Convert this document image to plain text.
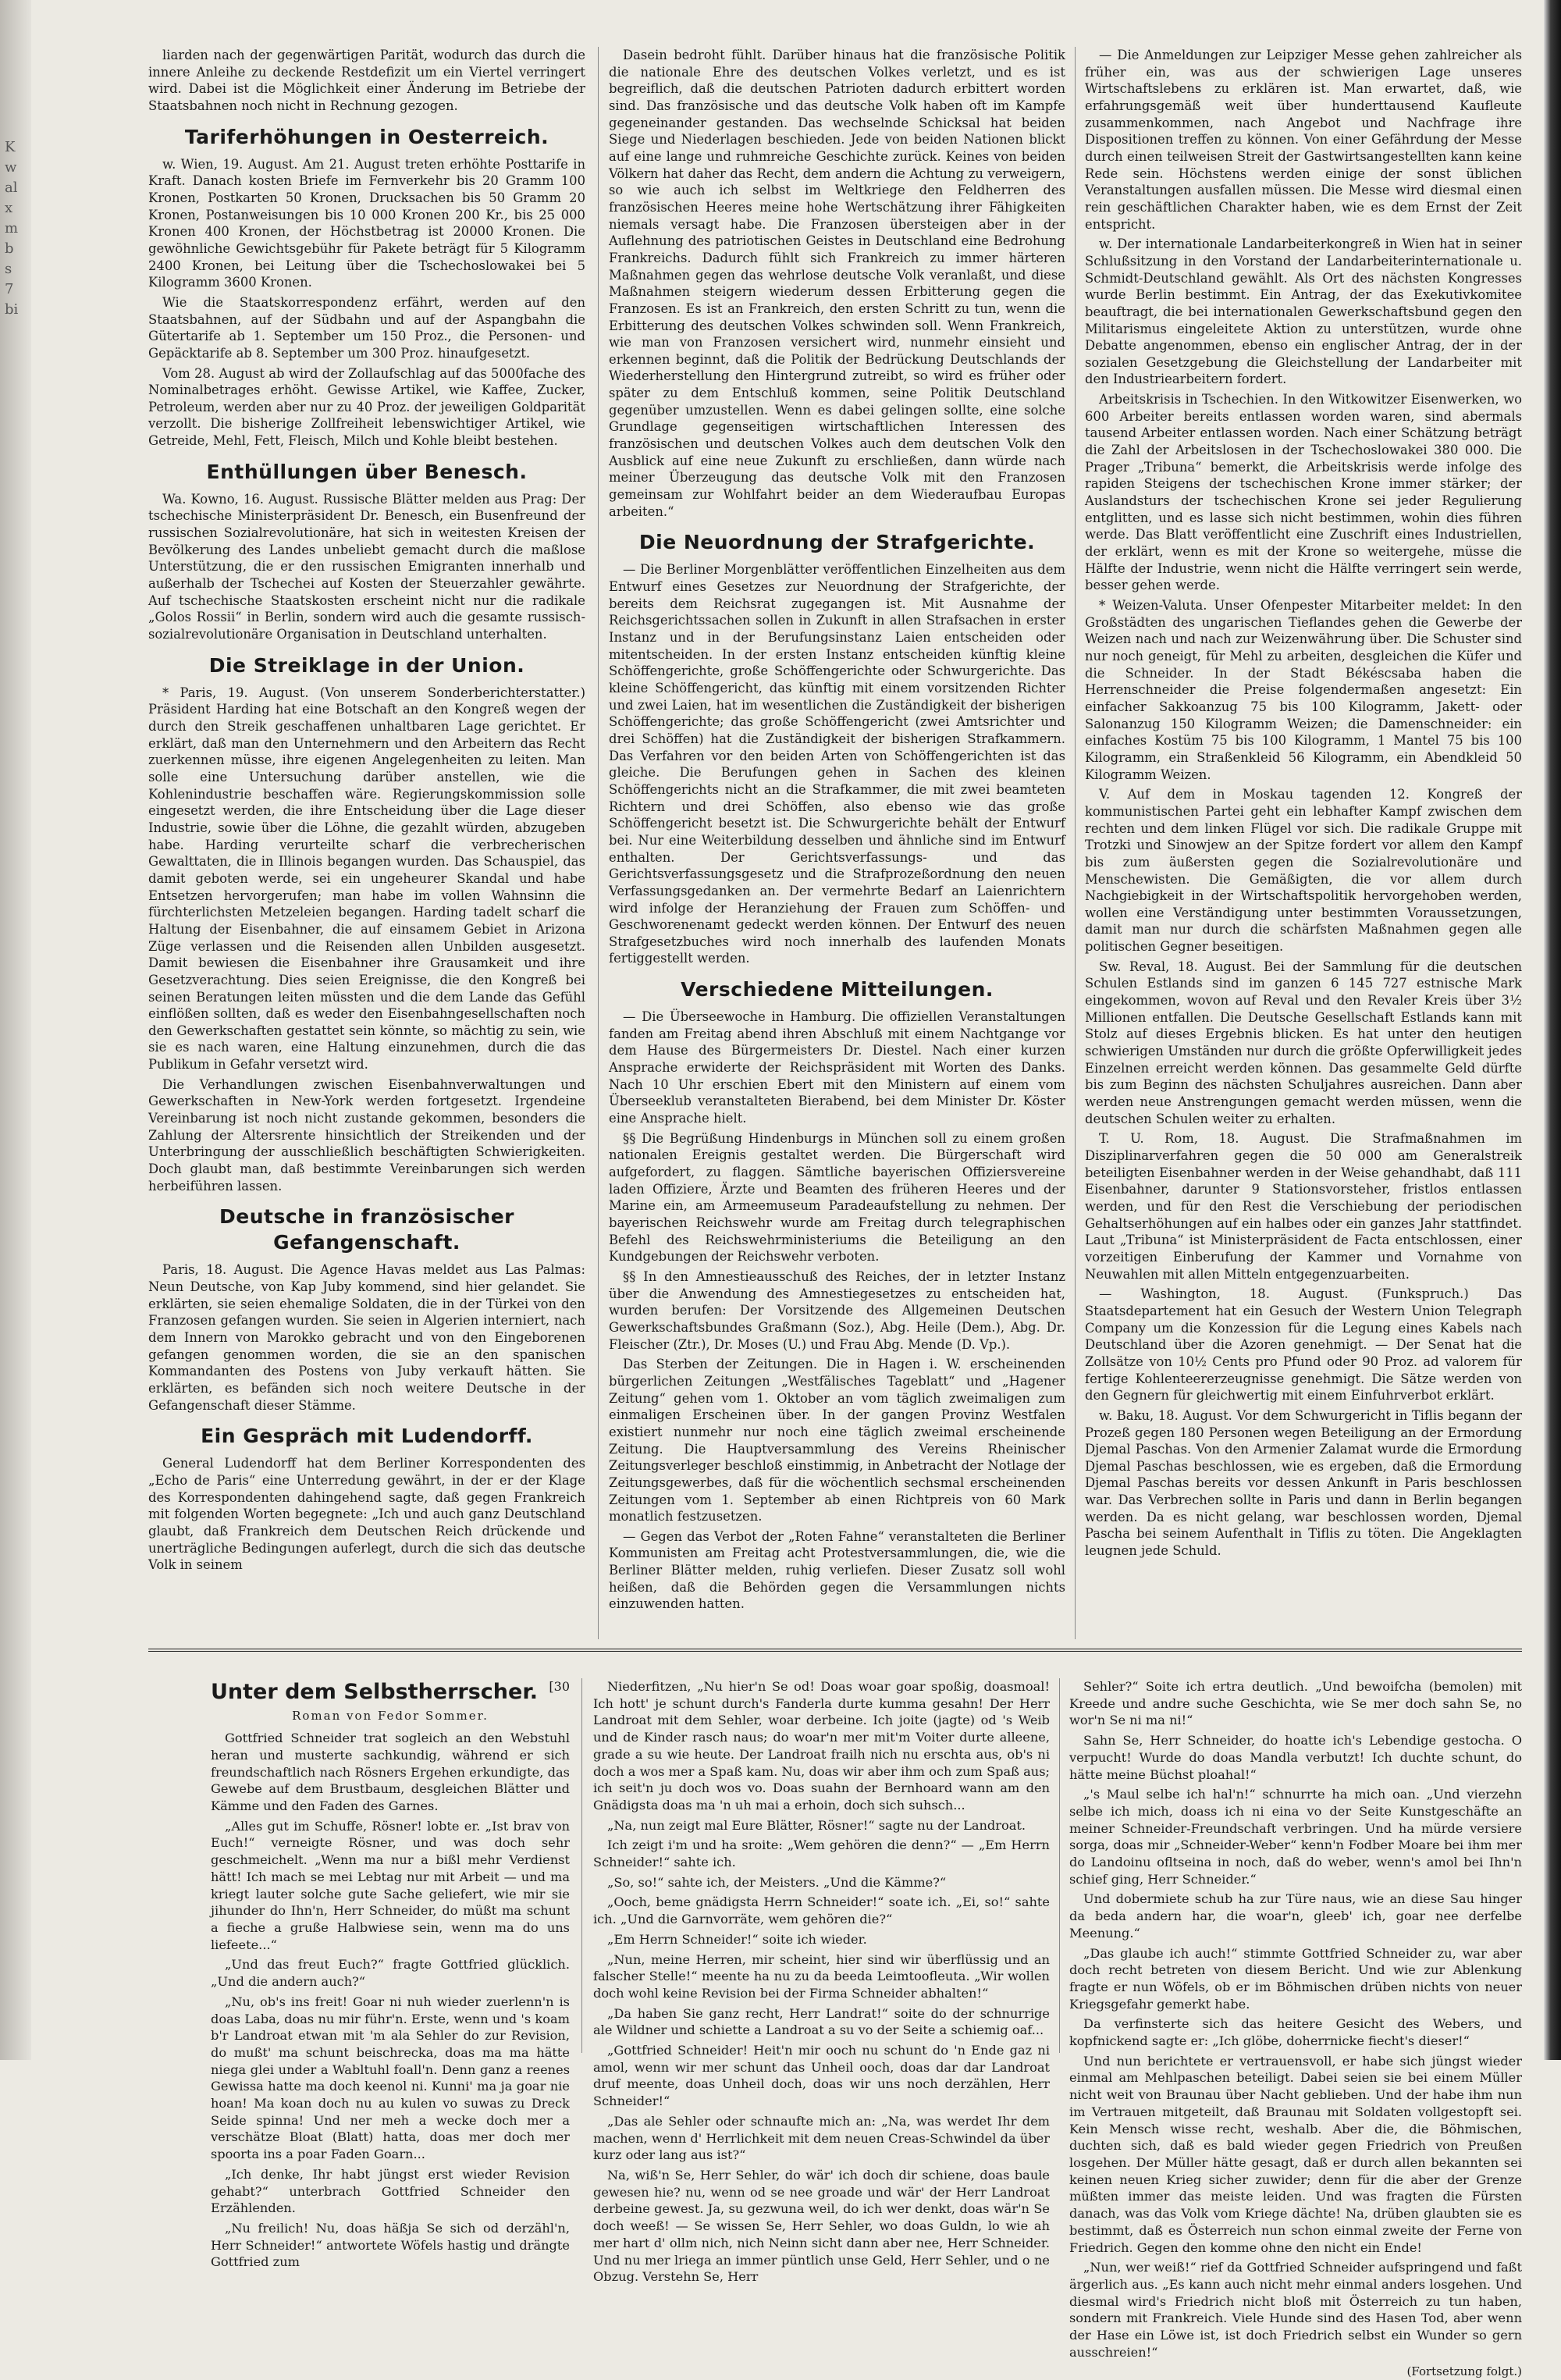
K
w
al
x
m
b
s
7
bi

liarden nach der gegenwärtigen Parität, wodurch das durch die innere Anleihe zu deckende Restdefizit um ein Viertel verringert wird. Dabei ist die Möglichkeit einer Änderung im Betriebe der Staatsbahnen noch nicht in Rechnung gezogen.

Tariferhöhungen in Oesterreich.

w. Wien, 19. August. Am 21. August treten erhöhte Posttarife in Kraft. Danach kosten Briefe im Fernverkehr bis 20 Gramm 100 Kronen, Postkarten 50 Kronen, Drucksachen bis 50 Gramm 20 Kronen, Postanweisungen bis 10 000 Kronen 200 Kr., bis 25 000 Kronen 400 Kronen, der Höchstbetrag ist 20000 Kronen. Die gewöhnliche Gewichtsgebühr für Pakete beträgt für 5 Kilogramm 2400 Kronen, bei Leitung über die Tschechoslowakei bei 5 Kilogramm 3600 Kronen.

Wie die Staatskorrespondenz erfährt, werden auf den Staatsbahnen, auf der Südbahn und auf der Aspangbahn die Gütertarife ab 1. September um 150 Proz., die Personen- und Gepäcktarife ab 8. September um 300 Proz. hinaufgesetzt.

Vom 28. August ab wird der Zollaufschlag auf das 5000fache des Nominalbetrages erhöht. Gewisse Artikel, wie Kaffee, Zucker, Petroleum, werden aber nur zu 40 Proz. der jeweiligen Goldparität verzollt. Die bisherige Zollfreiheit lebenswichtiger Artikel, wie Getreide, Mehl, Fett, Fleisch, Milch und Kohle bleibt bestehen.

Enthüllungen über Benesch.

Wa. Kowno, 16. August. Russische Blätter melden aus Prag: Der tschechische Ministerpräsident Dr. Benesch, ein Busenfreund der russischen Sozialrevolutionäre, hat sich in weitesten Kreisen der Bevölkerung des Landes unbeliebt gemacht durch die maßlose Unterstützung, die er den russischen Emigranten innerhalb und außerhalb der Tschechei auf Kosten der Steuerzahler gewährte. Auf tschechische Staatskosten erscheint nicht nur die radikale „Golos Rossii“ in Berlin, sondern wird auch die gesamte russisch-sozialrevolutionäre Organisation in Deutschland unterhalten.

Die Streiklage in der Union.

* Paris, 19. August. (Von unserem Sonderberichterstatter.) Präsident Harding hat eine Botschaft an den Kongreß wegen der durch den Streik geschaffenen unhaltbaren Lage gerichtet. Er erklärt, daß man den Unternehmern und den Arbeitern das Recht zuerkennen müsse, ihre eigenen Angelegenheiten zu leiten. Man solle eine Untersuchung darüber anstellen, wie die Kohlenindustrie beschaffen wäre. Regierungskommission solle eingesetzt werden, die ihre Entscheidung über die Lage dieser Industrie, sowie über die Löhne, die gezahlt würden, abzugeben habe. Harding verurteilte scharf die verbrecherischen Gewalttaten, die in Illinois begangen wurden. Das Schauspiel, das damit geboten werde, sei ein ungeheurer Skandal und habe Entsetzen hervorgerufen; man habe im vollen Wahnsinn die fürchterlichsten Metzeleien begangen. Harding tadelt scharf die Haltung der Eisenbahner, die auf einsamem Gebiet in Arizona Züge verlassen und die Reisenden allen Unbilden ausgesetzt. Damit bewiesen die Eisenbahner ihre Grausamkeit und ihre Gesetzverachtung. Dies seien Ereignisse, die den Kongreß bei seinen Beratungen leiten müssten und die dem Lande das Gefühl einflößen sollten, daß es weder den Eisenbahngesellschaften noch den Gewerkschaften gestattet sein könnte, so mächtig zu sein, wie sie es nach waren, eine Haltung einzunehmen, durch die das Publikum in Gefahr versetzt wird.

Die Verhandlungen zwischen Eisenbahnverwaltungen und Gewerkschaften in New-York werden fortgesetzt. Irgendeine Vereinbarung ist noch nicht zustande gekommen, besonders die Zahlung der Altersrente hinsichtlich der Streikenden und der Unterbringung der ausschließlich beschäftigten Schwierigkeiten. Doch glaubt man, daß bestimmte Vereinbarungen sich werden herbeiführen lassen.

Deutsche in französischer Gefangenschaft.

Paris, 18. August. Die Agence Havas meldet aus Las Palmas: Neun Deutsche, von Kap Juby kommend, sind hier gelandet. Sie erklärten, sie seien ehemalige Soldaten, die in der Türkei von den Franzosen gefangen wurden. Sie seien in Algerien interniert, nach dem Innern von Marokko gebracht und von den Eingeborenen gefangen genommen worden, die sie an den spanischen Kommandanten des Postens von Juby verkauft hätten. Sie erklärten, es befänden sich noch weitere Deutsche in der Gefangenschaft dieser Stämme.

Ein Gespräch mit Ludendorff.

General Ludendorff hat dem Berliner Korrespondenten des „Echo de Paris“ eine Unterredung gewährt, in der er der Klage des Korrespondenten dahingehend sagte, daß gegen Frankreich mit folgenden Worten begegnete: „Ich und auch ganz Deutschland glaubt, daß Frankreich dem Deutschen Reich drückende und unerträgliche Bedingungen auferlegt, durch die sich das deutsche Volk in seinem

Dasein bedroht fühlt. Darüber hinaus hat die französische Politik die nationale Ehre des deutschen Volkes verletzt, und es ist begreiflich, daß die deutschen Patrioten dadurch erbittert worden sind. Das französische und das deutsche Volk haben oft im Kampfe gegeneinander gestanden. Das wechselnde Schicksal hat beiden Siege und Niederlagen beschieden. Jede von beiden Nationen blickt auf eine lange und ruhmreiche Geschichte zurück. Keines von beiden Völkern hat daher das Recht, dem andern die Achtung zu verweigern, so wie auch ich selbst im Weltkriege den Feldherren des französischen Heeres meine hohe Wertschätzung ihrer Fähigkeiten niemals versagt habe. Die Franzosen übersteigen aber in der Auflehnung des patriotischen Geistes in Deutschland eine Bedrohung Frankreichs. Dadurch fühlt sich Frankreich zu immer härteren Maßnahmen gegen das wehrlose deutsche Volk veranlaßt, und diese Maßnahmen steigern wiederum dessen Erbitterung gegen die Franzosen. Es ist an Frankreich, den ersten Schritt zu tun, wenn die Erbitterung des deutschen Volkes schwinden soll. Wenn Frankreich, wie man von Franzosen versichert wird, nunmehr einsieht und erkennen beginnt, daß die Politik der Bedrückung Deutschlands der Wiederherstellung den Hintergrund zutreibt, so wird es früher oder später zu dem Entschluß kommen, seine Politik Deutschland gegenüber umzustellen. Wenn es dabei gelingen sollte, eine solche Grundlage gegenseitigen wirtschaftlichen Interessen des französischen und deutschen Volkes auch dem deutschen Volk den Ausblick auf eine neue Zukunft zu erschließen, dann würde nach meiner Überzeugung das deutsche Volk mit den Franzosen gemeinsam zur Wohlfahrt beider an dem Wiederaufbau Europas arbeiten.“

Die Neuordnung der Strafgerichte.

— Die Berliner Morgenblätter veröffentlichen Einzelheiten aus dem Entwurf eines Gesetzes zur Neuordnung der Strafgerichte, der bereits dem Reichsrat zugegangen ist. Mit Ausnahme der Reichsgerichtssachen sollen in Zukunft in allen Strafsachen in erster Instanz und in der Berufungsinstanz Laien entscheiden oder mitentscheiden. In der ersten Instanz entscheiden künftig kleine Schöffengerichte, große Schöffengerichte oder Schwurgerichte. Das kleine Schöffengericht, das künftig mit einem vorsitzenden Richter und zwei Laien, hat im wesentlichen die Zuständigkeit der bisherigen Schöffengerichte; das große Schöffengericht (zwei Amtsrichter und drei Schöffen) hat die Zuständigkeit der bisherigen Strafkammern. Das Verfahren vor den beiden Arten von Schöffengerichten ist das gleiche. Die Berufungen gehen in Sachen des kleinen Schöffengerichts nicht an die Strafkammer, die mit zwei beamteten Richtern und drei Schöffen, also ebenso wie das große Schöffengericht besetzt ist. Die Schwurgerichte behält der Entwurf bei. Nur eine Weiterbildung desselben und ähnliche sind im Entwurf enthalten. Der Gerichtsverfassungs- und das Gerichtsverfassungsgesetz und die Strafprozeßordnung den neuen Verfassungsgedanken an. Der vermehrte Bedarf an Laienrichtern wird infolge der Heranziehung der Frauen zum Schöffen- und Geschworenenamt gedeckt werden können. Der Entwurf des neuen Strafgesetzbuches wird noch innerhalb des laufenden Monats fertiggestellt werden.

Verschiedene Mitteilungen.

— Die Überseewoche in Hamburg. Die offiziellen Veranstaltungen fanden am Freitag abend ihren Abschluß mit einem Nachtgange vor dem Hause des Bürgermeisters Dr. Diestel. Nach einer kurzen Ansprache erwiderte der Reichspräsident mit Worten des Danks. Nach 10 Uhr erschien Ebert mit den Ministern auf einem vom Überseeklub veranstalteten Bierabend, bei dem Minister Dr. Köster eine Ansprache hielt.

§§ Die Begrüßung Hindenburgs in München soll zu einem großen nationalen Ereignis gestaltet werden. Die Bürgerschaft wird aufgefordert, zu flaggen. Sämtliche bayerischen Offiziersvereine laden Offiziere, Ärzte und Beamten des früheren Heeres und der Marine ein, am Armeemuseum Paradeaufstellung zu nehmen. Der bayerischen Reichswehr wurde am Freitag durch telegraphischen Befehl des Reichswehrministeriums die Beteiligung an den Kundgebungen der Reichswehr verboten.

§§ In den Amnestieausschuß des Reiches, der in letzter Instanz über die Anwendung des Amnestiegesetzes zu entscheiden hat, wurden berufen: Der Vorsitzende des Allgemeinen Deutschen Gewerkschaftsbundes Graßmann (Soz.), Abg. Heile (Dem.), Abg. Dr. Fleischer (Ztr.), Dr. Moses (U.) und Frau Abg. Mende (D. Vp.).

Das Sterben der Zeitungen. Die in Hagen i. W. erscheinenden bürgerlichen Zeitungen „Westfälisches Tageblatt“ und „Hagener Zeitung“ gehen vom 1. Oktober an vom täglich zweimaligen zum einmaligen Erscheinen über. In der gangen Provinz Westfalen existiert nunmehr nur noch eine täglich zweimal erscheinende Zeitung. Die Hauptversammlung des Vereins Rheinischer Zeitungsverleger beschloß einstimmig, in Anbetracht der Notlage der Zeitungsgewerbes, daß für die wöchentlich sechsmal erscheinenden Zeitungen vom 1. September ab einen Richtpreis von 60 Mark monatlich festzusetzen.

— Gegen das Verbot der „Roten Fahne“ veranstalteten die Berliner Kommunisten am Freitag acht Protestversammlungen, die, wie die Berliner Blätter melden, ruhig verliefen. Dieser Zusatz soll wohl heißen, daß die Behörden gegen die Versammlungen nichts einzuwenden hatten.

— Die Anmeldungen zur Leipziger Messe gehen zahlreicher als früher ein, was aus der schwierigen Lage unseres Wirtschaftslebens zu erklären ist. Man erwartet, daß, wie erfahrungsgemäß weit über hunderttausend Kaufleute zusammenkommen, nach Angebot und Nachfrage ihre Dispositionen treffen zu können. Von einer Gefährdung der Messe durch einen teilweisen Streit der Gastwirtsangestellten kann keine Rede sein. Höchstens werden einige der sonst üblichen Veranstaltungen ausfallen müssen. Die Messe wird diesmal einen rein geschäftlichen Charakter haben, wie es dem Ernst der Zeit entspricht.

w. Der internationale Landarbeiterkongreß in Wien hat in seiner Schlußsitzung in den Vorstand der Landarbeiterinternationale u. Schmidt-Deutschland gewählt. Als Ort des nächsten Kongresses wurde Berlin bestimmt. Ein Antrag, der das Exekutivkomitee beauftragt, die bei internationalen Gewerkschaftsbund gegen den Militarismus eingeleitete Aktion zu unterstützen, wurde ohne Debatte angenommen, ebenso ein englischer Antrag, der in der sozialen Gesetzgebung die Gleichstellung der Landarbeiter mit den Industriearbeitern fordert.

Arbeitskrisis in Tschechien. In den Witkowitzer Eisenwerken, wo 600 Arbeiter bereits entlassen worden waren, sind abermals tausend Arbeiter entlassen worden. Nach einer Schätzung beträgt die Zahl der Arbeitslosen in der Tschechoslowakei 380 000. Die Prager „Tribuna“ bemerkt, die Arbeitskrisis werde infolge des rapiden Steigens der tschechischen Krone immer stärker; der Auslandsturs der tschechischen Krone sei jeder Regulierung entglitten, und es lasse sich nicht bestimmen, wohin dies führen werde. Das Blatt veröffentlicht eine Zuschrift eines Industriellen, der erklärt, wenn es mit der Krone so weitergehe, müsse die Hälfte der Industrie, wenn nicht die Hälfte verringert sein werde, besser gehen werde.

* Weizen-Valuta. Unser Ofenpester Mitarbeiter meldet: In den Großstädten des ungarischen Tieflandes gehen die Gewerbe der Weizen nach und nach zur Weizenwährung über. Die Schuster sind nur noch geneigt, für Mehl zu arbeiten, desgleichen die Küfer und die Schneider. In der Stadt Békéscsaba haben die Herrenschneider die Preise folgendermaßen angesetzt: Ein einfacher Sakkoanzug 75 bis 100 Kilogramm, Jakett- oder Salonanzug 150 Kilogramm Weizen; die Damenschneider: ein einfaches Kostüm 75 bis 100 Kilogramm, 1 Mantel 75 bis 100 Kilogramm, ein Straßenkleid 56 Kilogramm, ein Abendkleid 50 Kilogramm Weizen.

V. Auf dem in Moskau tagenden 12. Kongreß der kommunistischen Partei geht ein lebhafter Kampf zwischen dem rechten und dem linken Flügel vor sich. Die radikale Gruppe mit Trotzki und Sinowjew an der Spitze fordert vor allem den Kampf bis zum äußersten gegen die Sozialrevolutionäre und Menschewisten. Die Gemäßigten, die vor allem durch Nachgiebigkeit in der Wirtschaftspolitik hervorgehoben werden, wollen eine Verständigung unter bestimmten Voraussetzungen, damit man nur durch die schärfsten Maßnahmen gegen alle politischen Gegner beseitigen.

Sw. Reval, 18. August. Bei der Sammlung für die deutschen Schulen Estlands sind im ganzen 6 145 727 estnische Mark eingekommen, wovon auf Reval und den Revaler Kreis über 3½ Millionen entfallen. Die Deutsche Gesellschaft Estlands kann mit Stolz auf dieses Ergebnis blicken. Es hat unter den heutigen schwierigen Umständen nur durch die größte Opferwilligkeit jedes Einzelnen erreicht werden können. Das gesammelte Geld dürfte bis zum Beginn des nächsten Schuljahres ausreichen. Dann aber werden neue Anstrengungen gemacht werden müssen, wenn die deutschen Schulen weiter zu erhalten.

T. U. Rom, 18. August. Die Strafmaßnahmen im Disziplinarverfahren gegen die 50 000 am Generalstreik beteiligten Eisenbahner werden in der Weise gehandhabt, daß 111 Eisenbahner, darunter 9 Stationsvorsteher, fristlos entlassen werden, und für den Rest die Verschiebung der periodischen Gehaltserhöhungen auf ein halbes oder ein ganzes Jahr stattfindet. Laut „Tribuna“ ist Ministerpräsident de Facta entschlossen, einer vorzeitigen Einberufung der Kammer und Vornahme von Neuwahlen mit allen Mitteln entgegenzuarbeiten.

— Washington, 18. August. (Funkspruch.) Das Staatsdepartement hat ein Gesuch der Western Union Telegraph Company um die Konzession für die Legung eines Kabels nach Deutschland über die Azoren genehmigt. — Der Senat hat die Zollsätze von 10½ Cents pro Pfund oder 90 Proz. ad valorem für fertige Kohlenteererzeugnisse genehmigt. Die Sätze werden von den Gegnern für gleichwertig mit einem Einfuhrverbot erklärt.

w. Baku, 18. August. Vor dem Schwurgericht in Tiflis begann der Prozeß gegen 180 Personen wegen Beteiligung an der Ermordung Djemal Paschas. Von den Armenier Zalamat wurde die Ermordung Djemal Paschas beschlossen, wie es ergeben, daß die Ermordung Djemal Paschas bereits vor dessen Ankunft in Paris beschlossen war. Das Verbrechen sollte in Paris und dann in Berlin begangen werden. Da es nicht gelang, war beschlossen worden, Djemal Pascha bei seinem Aufenthalt in Tiflis zu töten. Die Angeklagten leugnen jede Schuld.

[30
Unter dem Selbstherrscher.
Roman von Fedor Sommer.

Gottfried Schneider trat sogleich an den Webstuhl heran und musterte sachkundig, während er sich freundschaftlich nach Rösners Ergehen erkundigte, das Gewebe auf dem Brustbaum, desgleichen Blätter und Kämme und den Faden des Garnes.

„Alles gut im Schuffe, Rösner! lobte er. „Ist brav von Euch!“ verneigte Rösner, und was doch sehr geschmeichelt. „Wenn ma nur a bißl mehr Verdienst hätt! Ich mach se mei Lebtag nur mit Arbeit — und ma kriegt lauter solche gute Sache geliefert, wie mir sie jihunder do Ihn'n, Herr Schneider, do müßt ma schunt a fieche a gruße Halbwiese sein, wenn ma do uns liefeete...“

„Und das freut Euch?“ fragte Gottfried glücklich. „Und die andern auch?“

„Nu, ob's ins freit! Goar ni nuh wieder zuerlenn'n is doas Laba, doas nu mir führ'n. Erste, wenn und 's koam b'r Landroat etwan mit 'm ala Sehler do zur Revision, do mußt' ma schunt beischrecka, doas ma ma hätte niega glei under a Wabltuhl foall'n. Denn ganz a reenes Gewissa hatte ma doch keenol ni. Kunni' ma ja goar nie hoan! Ma koan doch nu au kulen vo suwas zu Dreck Seide spinna! Und ner meh a wecke doch mer a verschätze Bloat (Blatt) hatta, doas mer doch mer spoorta ins a poar Faden Goarn...

„Ich denke, Ihr habt jüngst erst wieder Revision gehabt?“ unterbrach Gottfried Schneider den Erzählenden.

„Nu freilich! Nu, doas häßja Se sich od derzähl'n, Herr Schneider!“ antwortete Wöfels hastig und drängte Gottfried zum

Niederfitzen, „Nu hier'n Se od! Doas woar goar spoßig, doasmoal! Ich hott' je schunt durch's Fanderla durte kumma gesahn! Der Herr Landroat mit dem Sehler, woar derbeine. Ich joite (jagte) od 's Weib und de Kinder rasch naus; do woar'n mer mit'm Voiter durte alleene, grade a su wie heute. Der Landroat frailh nich nu erschta aus, ob's ni doch a wos mer a Spaß kam. Nu, doas wir aber ihm och zum Spaß aus; ich seit'n ju doch wos vo. Doas suahn der Bernhoard wann am den Gnädigsta doas ma 'n uh mai a erhoin, doch sich suhsch...

„Na, nun zeigt mal Eure Blätter, Rösner!“ sagte nu der Landroat.

Ich zeigt i'm und ha sroite: „Wem gehören die denn?“ — „Em Herrn Schneider!“ sahte ich.

„So, so!“ sahte ich, der Meisters. „Und die Kämme?“

„Ooch, beme gnädigsta Herrn Schneider!“ soate ich. „Ei, so!“ sahte ich. „Und die Garnvorräte, wem gehören die?“

„Em Herrn Schneider!“ soite ich wieder.

„Nun, meine Herren, mir scheint, hier sind wir überflüssig und an falscher Stelle!“ meente ha nu zu da beeda Leimtoofleuta. „Wir wollen doch wohl keine Revision bei der Firma Schneider abhalten!“

„Da haben Sie ganz recht, Herr Landrat!“ soite do der schnurrige ale Wildner und schiette a Landroat a su vo der Seite a schiemig oaf...

„Gottfried Schneider! Heit'n mir ooch nu schunt do 'n Ende gaz ni amol, wenn wir mer schunt das Unheil ooch, doas dar dar Landroat druf meente, doas Unheil doch, doas wir uns noch derzählen, Herr Schneider!“

„Das ale Sehler oder schnaufte mich an: „Na, was werdet Ihr dem machen, wenn d' Herrlichkeit mit dem neuen Creas-Schwindel da über kurz oder lang aus ist?“

Na, wiß'n Se, Herr Sehler, do wär' ich doch dir schiene, doas baule gewesen hie? nu, wenn od se nee groade und wär' der Herr Landroat derbeine gewest. Ja, su gezwuna weil, do ich wer denkt, doas wär'n Se doch weeß! — Se wissen Se, Herr Sehler, wo doas Guldn, lo wie ah mer hart d' ollm nich, nich Neinn sicht dann aber nee, Herr Schneider. Und nu mer lriega an immer püntlich unse Geld, Herr Sehler, und o ne Obzug. Verstehn Se, Herr

Sehler?“ Soite ich ertra deutlich. „Und bewoifcha (bemolen) mit Kreede und andre suche Geschichta, wie Se mer doch sahn Se, no wor'n Se ni ma ni!“

Sahn Se, Herr Schneider, do hoatte ich's Lebendige gestocha. O verpucht! Wurde do doas Mandla verbutzt! Ich duchte schunt, do hätte meine Büchst ploahal!“

„'s Maul selbe ich hal'n!“ schnurrte ha mich oan. „Und vierzehn selbe ich mich, doass ich ni eina vo der Seite Kunstgeschäfte an meiner Schneider-Freundschaft verbringen. Und ha mürde versiere sorga, doas mir „Schneider-Weber“ kenn'n Fodber Moare bei ihm mer do Landoinu ofltseina in noch, daß do weber, wenn's amol bei Ihn'n schief ging, Herr Schneider.“

Und dobermiete schub ha zur Türe naus, wie an diese Sau hinger da beda andern har, die woar'n, gleeb' ich, goar nee derfelbe Meenung.“

„Das glaube ich auch!“ stimmte Gottfried Schneider zu, war aber doch recht betreten von diesem Bericht. Und wie zur Ablenkung fragte er nun Wöfels, ob er im Böhmischen drüben nichts von neuer Kriegsgefahr gemerkt habe.

Da verfinsterte sich das heitere Gesicht des Webers, und kopfnickend sagte er: „Ich glöbe, doherrnicke fiecht's dieser!“

Und nun berichtete er vertrauensvoll, er habe sich jüngst wieder einmal am Mehlpaschen beteiligt. Dabei seien sie bei einem Müller nicht weit von Braunau über Nacht geblieben. Und der habe ihm nun im Vertrauen mitgeteilt, daß Braunau mit Soldaten vollgestopft sei. Kein Mensch wisse recht, weshalb. Aber die, die Böhmischen, duchten sich, daß es bald wieder gegen Friedrich von Preußen losgehen. Der Müller hätte gesagt, daß er durch allen bekannten sei keinen neuen Krieg sicher zuwider; denn für die aber der Grenze müßten immer das meiste leiden. Und was fragten die Fürsten danach, was das Volk vom Kriege dächte! Na, drüben glaubten sie es bestimmt, daß es Österreich nun schon einmal zweite der Ferne von Friedrich. Gegen den komme ohne den nicht ein Ende!

„Nun, wer weiß!“ rief da Gottfried Schneider aufspringend und faßt ärgerlich aus. „Es kann auch nicht mehr einmal anders losgehen. Und diesmal wird's Friedrich nicht bloß mit Österreich zu tun haben, sondern mit Frankreich. Viele Hunde sind des Hasen Tod, aber wenn der Hase ein Löwe ist, ist doch Friedrich selbst ein Wunder so gern ausschreien!“

(Fortsetzung folgt.)
